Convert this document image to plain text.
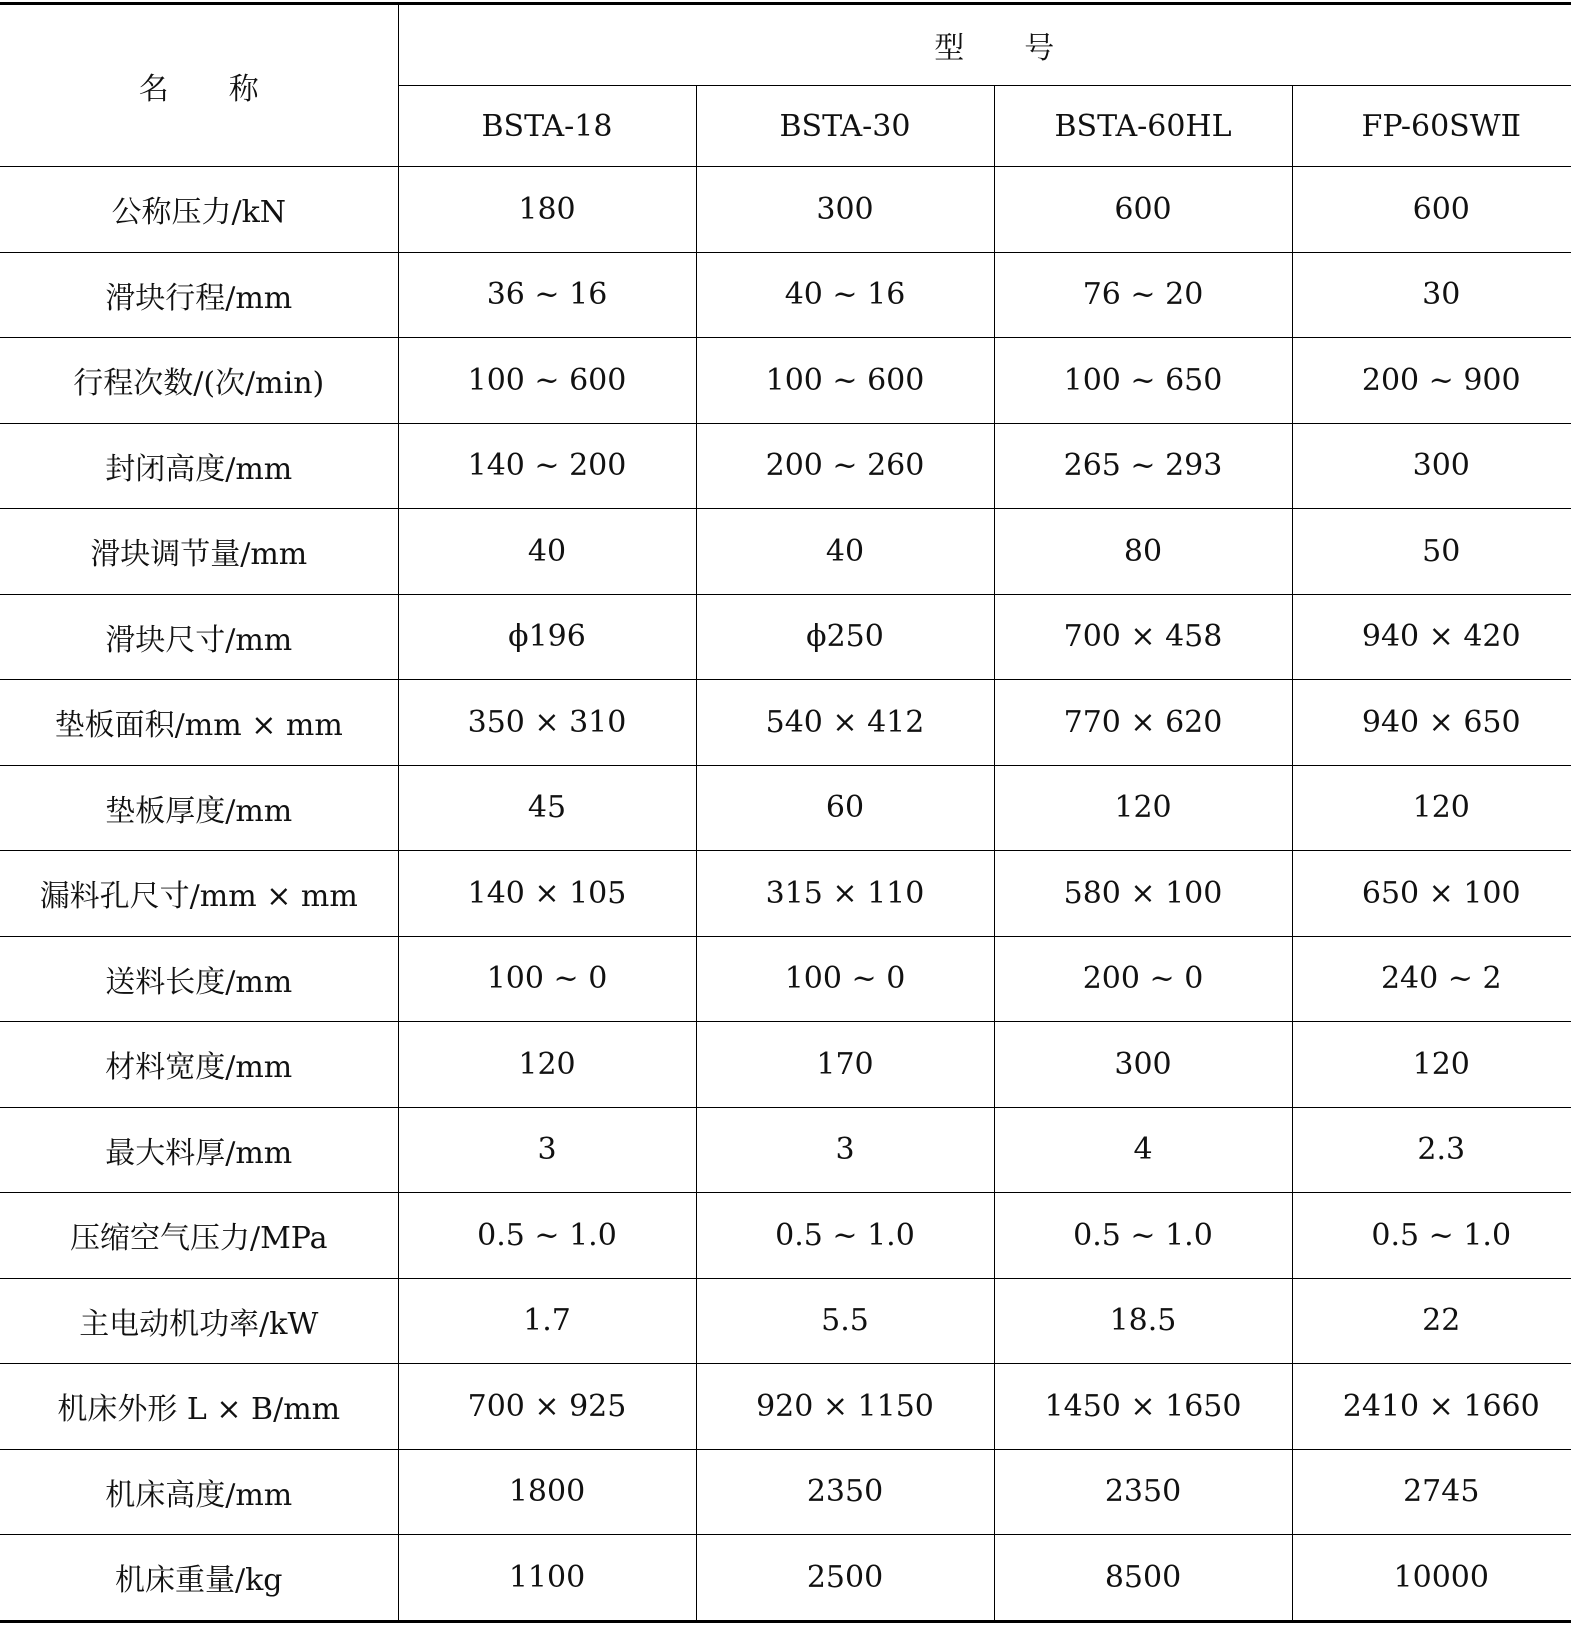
名　　称	型　　号			
	BSTA-18	BSTA-30	BSTA-60HL	FP-60SWⅡ
公称压力/kN	180	300	600	600
滑块行程/mm	36 ~ 16	40 ~ 16	76 ~ 20	30
行程次数/(次/min)	100 ~ 600	100 ~ 600	100 ~ 650	200 ~ 900
封闭高度/mm	140 ~ 200	200 ~ 260	265 ~ 293	300
滑块调节量/mm	40	40	80	50
滑块尺寸/mm	ϕ196	ϕ250	700 × 458	940 × 420
垫板面积/mm × mm	350 × 310	540 × 412	770 × 620	940 × 650
垫板厚度/mm	45	60	120	120
漏料孔尺寸/mm × mm	140 × 105	315 × 110	580 × 100	650 × 100
送料长度/mm	100 ~ 0	100 ~ 0	200 ~ 0	240 ~ 2
材料宽度/mm	120	170	300	120
最大料厚/mm	3	3	4	2.3
压缩空气压力/MPa	0.5 ~ 1.0	0.5 ~ 1.0	0.5 ~ 1.0	0.5 ~ 1.0
主电动机功率/kW	1.7	5.5	18.5	22
机床外形 L × B/mm	700 × 925	920 × 1150	1450 × 1650	2410 × 1660
机床高度/mm	1800	2350	2350	2745
机床重量/kg	1100	2500	8500	10000
